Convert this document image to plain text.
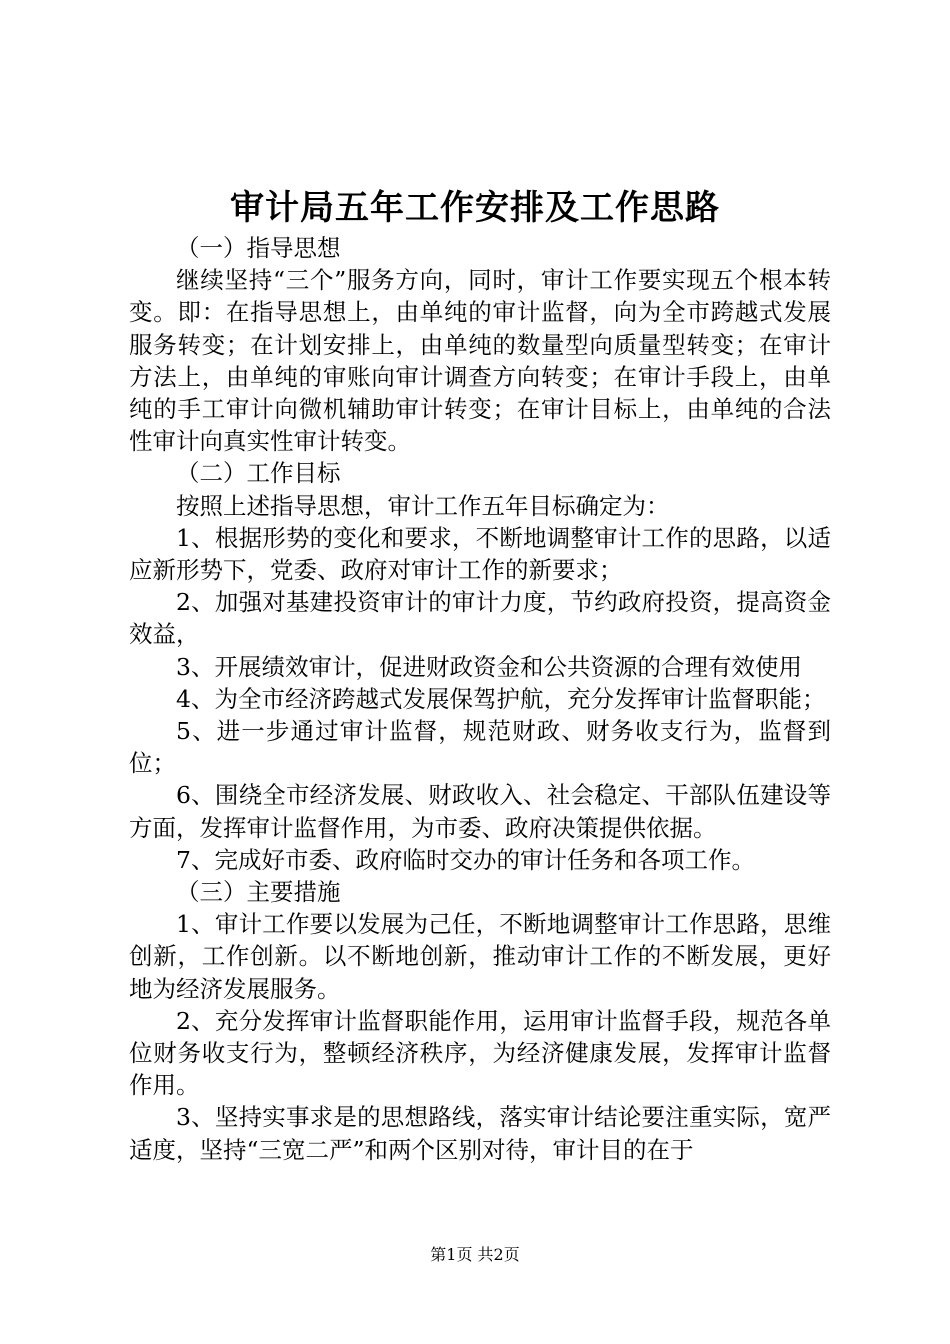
审计局五年工作安排及工作思路

（一）指导思想

继续坚持“三个”服务方向，同时，审计工作要实现五个根本转变。即：在指导思想上，由单纯的审计监督，向为全市跨越式发展服务转变；在计划安排上，由单纯的数量型向质量型转变；在审计方法上，由单纯的审账向审计调查方向转变；在审计手段上，由单纯的手工审计向微机辅助审计转变；在审计目标上，由单纯的合法性审计向真实性审计转变。

（二）工作目标

按照上述指导思想，审计工作五年目标确定为：

1、根据形势的变化和要求，不断地调整审计工作的思路，以适应新形势下，党委、政府对审计工作的新要求；

2、加强对基建投资审计的审计力度，节约政府投资，提高资金效益，

3、开展绩效审计，促进财政资金和公共资源的合理有效使用

4、为全市经济跨越式发展保驾护航，充分发挥审计监督职能；

5、进一步通过审计监督，规范财政、财务收支行为，监督到位；

6、围绕全市经济发展、财政收入、社会稳定、干部队伍建设等方面，发挥审计监督作用，为市委、政府决策提供依据。

7、完成好市委、政府临时交办的审计任务和各项工作。

（三）主要措施

1、审计工作要以发展为己任，不断地调整审计工作思路，思维创新，工作创新。以不断地创新，推动审计工作的不断发展，更好地为经济发展服务。

2、充分发挥审计监督职能作用，运用审计监督手段，规范各单位财务收支行为，整顿经济秩序，为经济健康发展，发挥审计监督作用。

3、坚持实事求是的思想路线，落实审计结论要注重实际，宽严适度，坚持“三宽二严”和两个区别对待，审计目的在于

第1页 共2页
